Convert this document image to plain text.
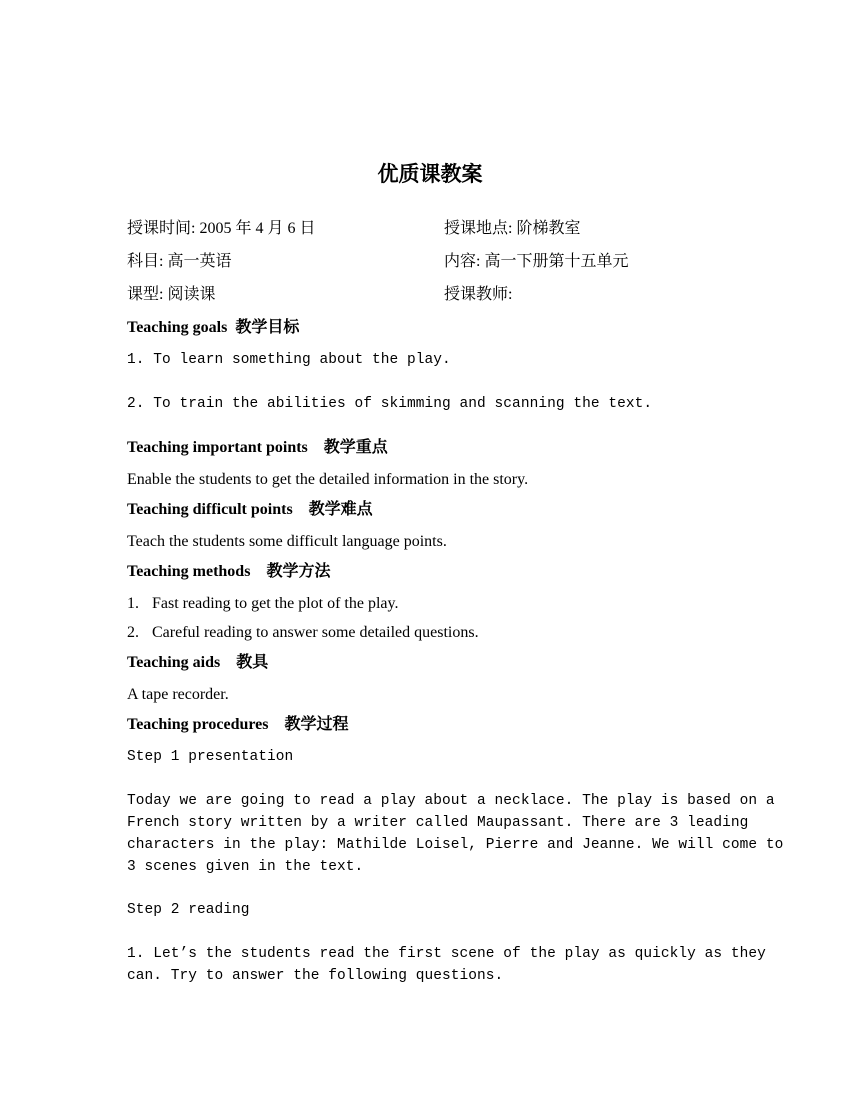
优质课教案
授课时间: 2005 年 4 月 6 日	授课地点: 阶梯教室
科目: 高一英语	内容: 高一下册第十五单元
课型: 阅读课	授课教师:
Teaching goals 教学目标
1. To learn something about the play.
2. To train the abilities of skimming and scanning the text.
Teaching important points 教学重点
Enable the students to get the detailed information in the story.
Teaching difficult points 教学难点
Teach the students some difficult language points.
Teaching methods 教学方法
1. Fast reading to get the plot of the play.
2. Careful reading to answer some detailed questions.
Teaching aids 教具
A tape recorder.
Teaching procedures 教学过程
Step 1 presentation
Today we are going to read a play about a necklace. The play is based on a
French story written by a writer called Maupassant. There are 3 leading
characters in the play: Mathilde Loisel, Pierre and Jeanne. We will come to
3 scenes given in the text.
Step 2 reading
1. Let’s the students read the first scene of the play as quickly as they
can. Try to answer the following questions.
